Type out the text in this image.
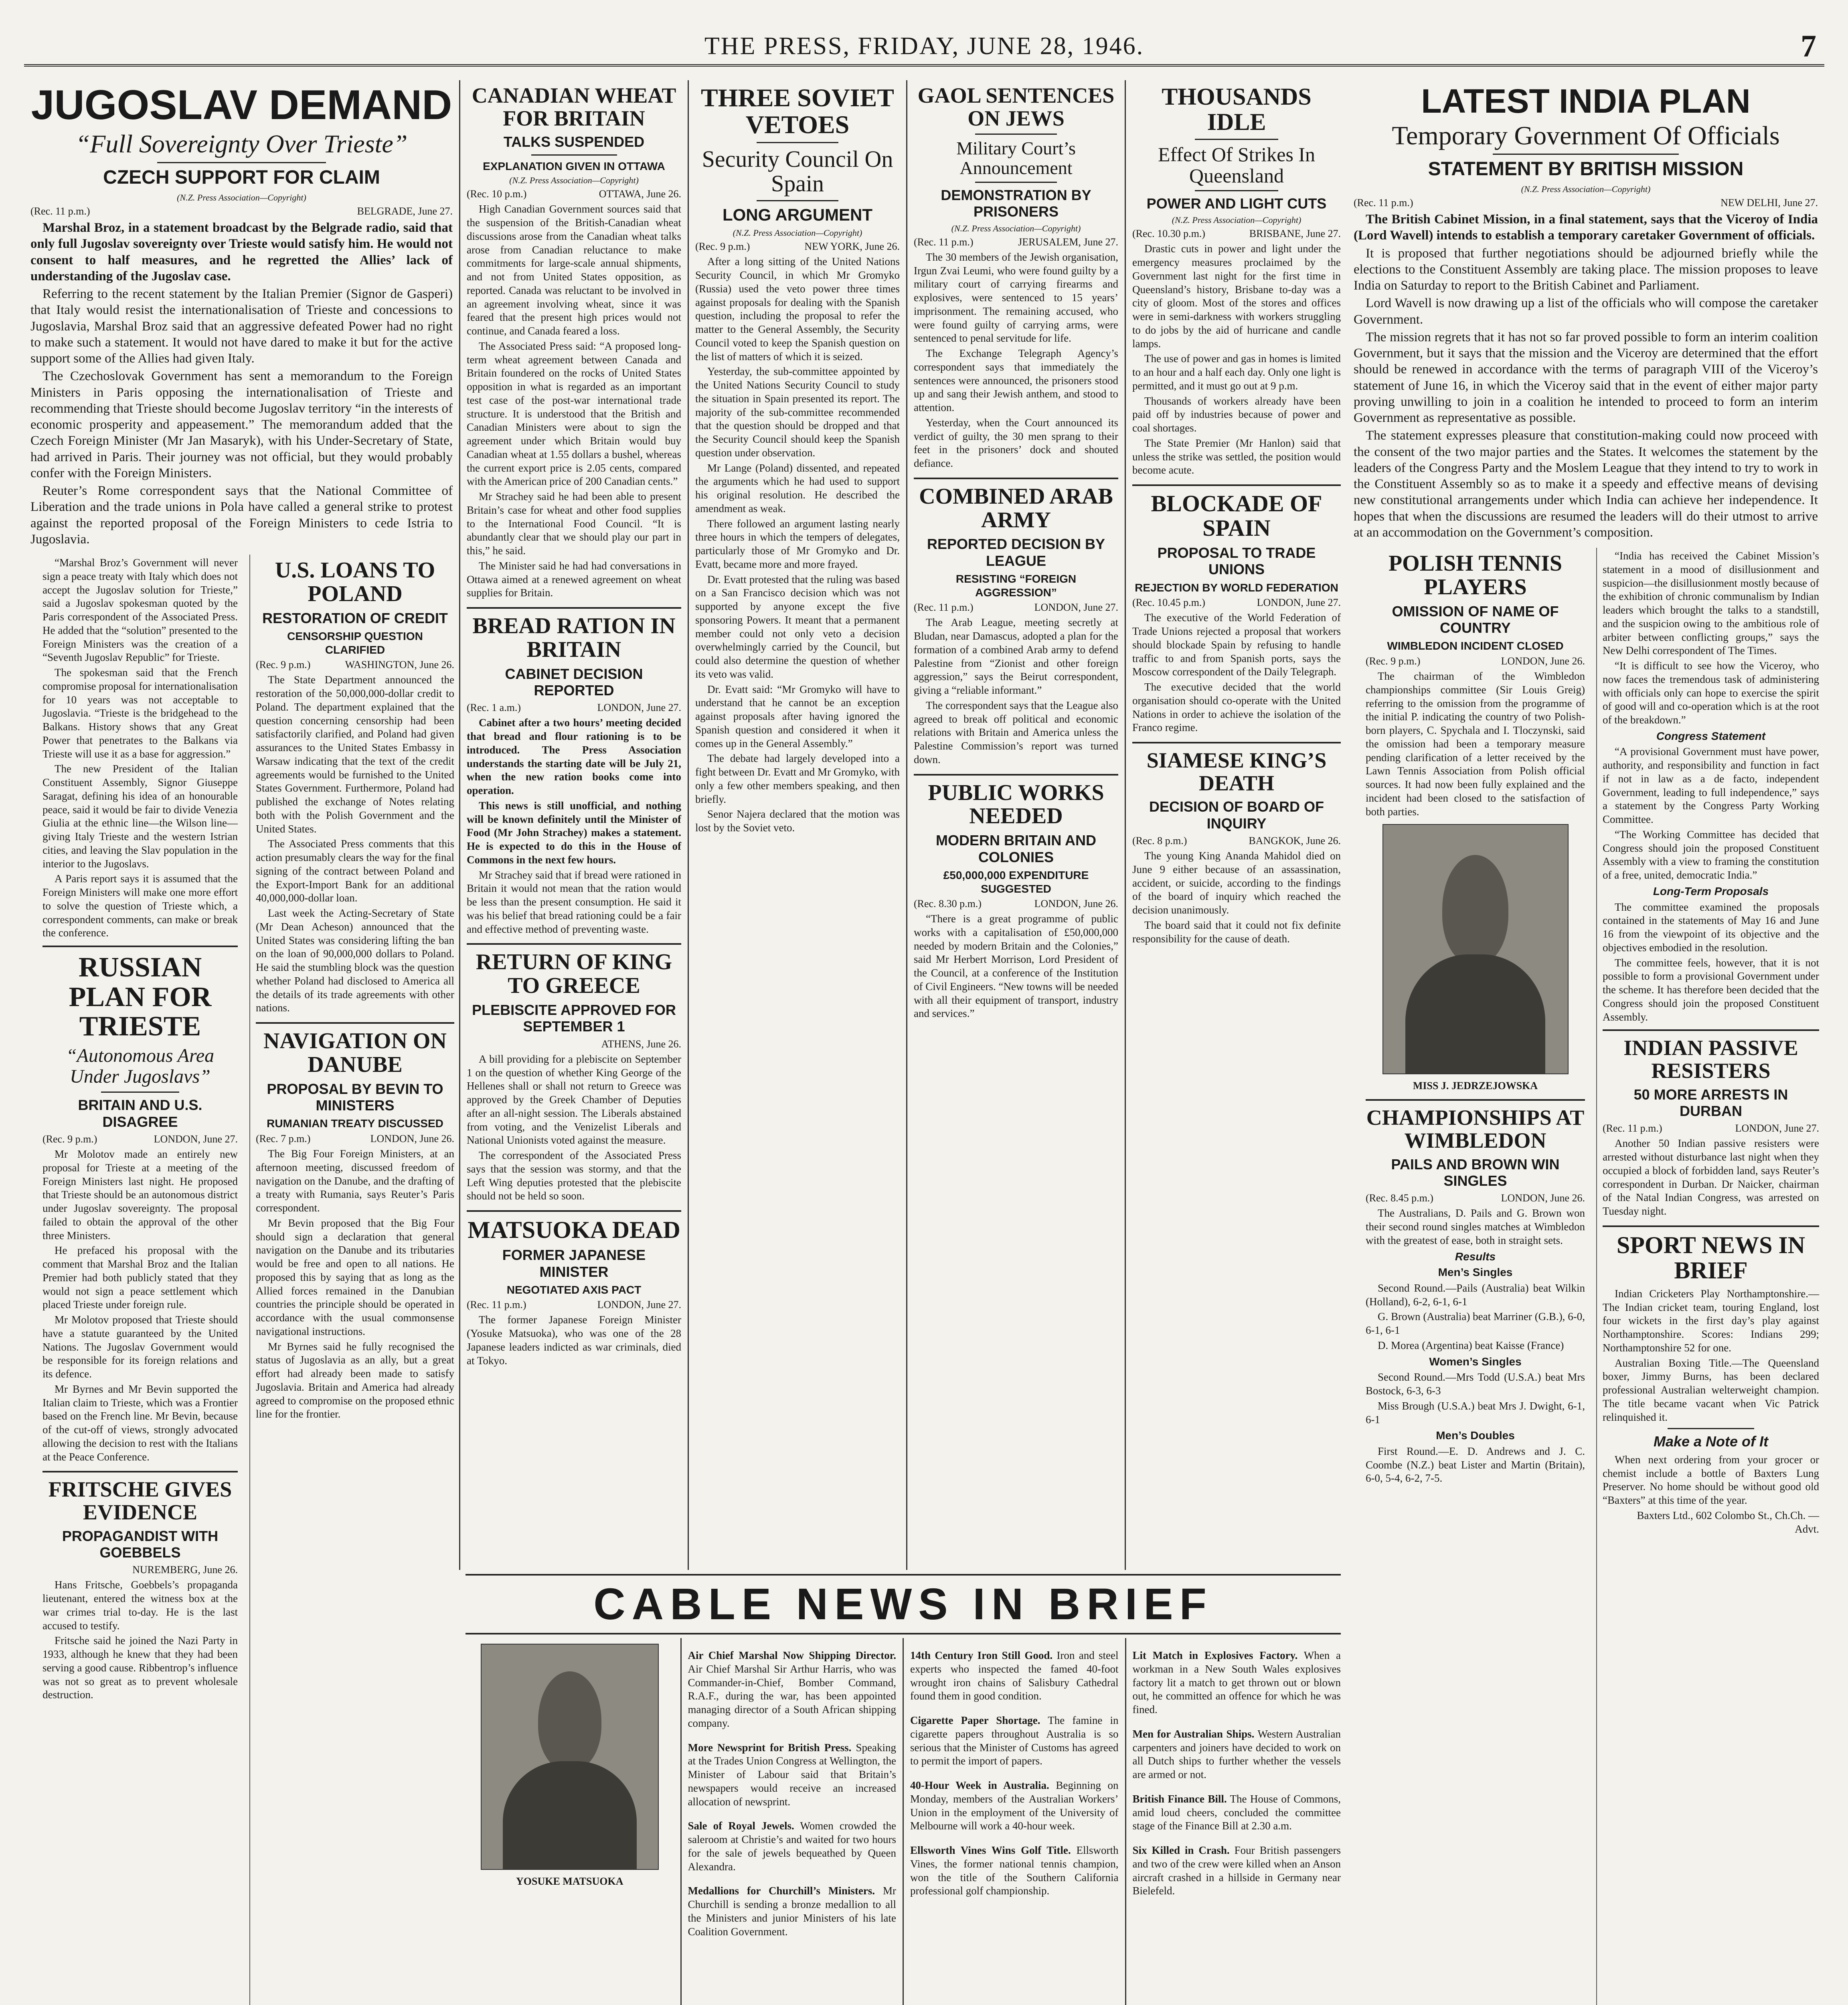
THE PRESS, FRIDAY, JUNE 28, 1946.	7
JUGOSLAV DEMAND
“Full Sovereignty Over Trieste”
CZECH SUPPORT FOR CLAIM
(N.Z. Press Association—Copyright)
(Rec. 11 p.m.)	BELGRADE, June 27.

Marshal Broz, in a statement broadcast by the Belgrade radio, said that only full Jugoslav sovereignty over Trieste would satisfy him. He would not consent to half measures, and he regretted the Allies’ lack of understanding of the Jugoslav case.

Referring to the recent statement by the Italian Premier (Signor de Gasperi) that Italy would resist the internationalisation of Trieste and concessions to Jugoslavia, Marshal Broz said that an aggressive defeated Power had no right to make such a statement. It would not have dared to make it but for the active support some of the Allies had given Italy.

The Czechoslovak Government has sent a memorandum to the Foreign Ministers in Paris opposing the internationalisation of Trieste and recommending that Trieste should become Jugoslav territory “in the interests of economic prosperity and appeasement.” The memorandum added that the Czech Foreign Minister (Mr Jan Masaryk), with his Under-Secretary of State, had arrived in Paris. Their journey was not official, but they would probably confer with the Foreign Ministers.

Reuter’s Rome correspondent says that the National Committee of Liberation and the trade unions in Pola have called a general strike to protest against the reported proposal of the Foreign Ministers to cede Istria to Jugoslavia.

“Marshal Broz’s Government will never sign a peace treaty with Italy which does not accept the Jugoslav solution for Trieste,” said a Jugoslav spokesman quoted by the Paris correspondent of the Associated Press. He added that the “solution” presented to the Foreign Ministers was the creation of a “Seventh Jugoslav Republic” for Trieste.

The spokesman said that the French compromise proposal for internationalisation for 10 years was not acceptable to Jugoslavia. “Trieste is the bridgehead to the Balkans. History shows that any Great Power that penetrates to the Balkans via Trieste will use it as a base for aggression.”

The new President of the Italian Constituent Assembly, Signor Giuseppe Saragat, defining his idea of an honourable peace, said it would be fair to divide Venezia Giulia at the ethnic line—the Wilson line—giving Italy Trieste and the western Istrian cities, and leaving the Slav population in the interior to the Jugoslavs.

A Paris report says it is assumed that the Foreign Ministers will make one more effort to solve the question of Trieste which, a correspondent comments, can make or break the conference.

RUSSIAN PLAN FOR TRIESTE
“Autonomous Area Under Jugoslavs”
BRITAIN AND U.S. DISAGREE
(Rec. 9 p.m.)	LONDON, June 27.

Mr Molotov made an entirely new proposal for Trieste at a meeting of the Foreign Ministers last night. He proposed that Trieste should be an autonomous district under Jugoslav sovereignty. The proposal failed to obtain the approval of the other three Ministers.

He prefaced his proposal with the comment that Marshal Broz and the Italian Premier had both publicly stated that they would not sign a peace settlement which placed Trieste under foreign rule.

Mr Molotov proposed that Trieste should have a statute guaranteed by the United Nations. The Jugoslav Government would be responsible for its foreign relations and its defence.

Mr Byrnes and Mr Bevin supported the Italian claim to Trieste, which was a Frontier based on the French line. Mr Bevin, because of the cut-off of views, strongly advocated allowing the decision to rest with the Italians at the Peace Conference.

FRITSCHE GIVES EVIDENCE
PROPAGANDIST WITH GOEBBELS
NUREMBERG, June 26.

Hans Fritsche, Goebbels’s propaganda lieutenant, entered the witness box at the war crimes trial to-day. He is the last accused to testify.

Fritsche said he joined the Nazi Party in 1933, although he knew that they had been serving a good cause. Ribbentrop’s influence was not so great as to prevent wholesale destruction.

U.S. LOANS TO POLAND
RESTORATION OF CREDIT
CENSORSHIP QUESTION CLARIFIED
(Rec. 9 p.m.)	WASHINGTON, June 26.

The State Department announced the restoration of the 50,000,000-dollar credit to Poland. The department explained that the question concerning censorship had been satisfactorily clarified, and Poland had given assurances to the United States Embassy in Warsaw indicating that the text of the credit agreements would be furnished to the United States Government. Furthermore, Poland had published the exchange of Notes relating both with the Polish Government and the United States.

The Associated Press comments that this action presumably clears the way for the final signing of the contract between Poland and the Export-Import Bank for an additional 40,000,000-dollar loan.

Last week the Acting-Secretary of State (Mr Dean Acheson) announced that the United States was considering lifting the ban on the loan of 90,000,000 dollars to Poland. He said the stumbling block was the question whether Poland had disclosed to America all the details of its trade agreements with other nations.

NAVIGATION ON DANUBE
PROPOSAL BY BEVIN TO MINISTERS
RUMANIAN TREATY DISCUSSED
(Rec. 7 p.m.)	LONDON, June 26.

The Big Four Foreign Ministers, at an afternoon meeting, discussed freedom of navigation on the Danube, and the drafting of a treaty with Rumania, says Reuter’s Paris correspondent.

Mr Bevin proposed that the Big Four should sign a declaration that general navigation on the Danube and its tributaries would be free and open to all nations. He proposed this by saying that as long as the Allied forces remained in the Danubian countries the principle should be operated in accordance with the usual commonsense navigational instructions.

Mr Byrnes said he fully recognised the status of Jugoslavia as an ally, but a great effort had already been made to satisfy Jugoslavia. Britain and America had already agreed to compromise on the proposed ethnic line for the frontier.

CANADIAN WHEAT FOR BRITAIN
TALKS SUSPENDED
EXPLANATION GIVEN IN OTTAWA
(N.Z. Press Association—Copyright)
(Rec. 10 p.m.)	OTTAWA, June 26.

High Canadian Government sources said that the suspension of the British-Canadian wheat discussions arose from the Canadian wheat talks arose from Canadian reluctance to make commitments for large-scale annual shipments, and not from United States opposition, as reported. Canada was reluctant to be involved in an agreement involving wheat, since it was feared that the present high prices would not continue, and Canada feared a loss.

The Associated Press said: “A proposed long-term wheat agreement between Canada and Britain foundered on the rocks of United States opposition in what is regarded as an important test case of the post-war international trade structure. It is understood that the British and Canadian Ministers were about to sign the agreement under which Britain would buy Canadian wheat at 1.55 dollars a bushel, whereas the current export price is 2.05 cents, compared with the American price of 200 Canadian cents.”

Mr Strachey said he had been able to present Britain’s case for wheat and other food supplies to the International Food Council. “It is abundantly clear that we should play our part in this,” he said.

The Minister said he had had conversations in Ottawa aimed at a renewed agreement on wheat supplies for Britain.

BREAD RATION IN BRITAIN
CABINET DECISION REPORTED
(Rec. 1 a.m.)	LONDON, June 27.

Cabinet after a two hours’ meeting decided that bread and flour rationing is to be introduced. The Press Association understands the starting date will be July 21, when the new ration books come into operation.

This news is still unofficial, and nothing will be known definitely until the Minister of Food (Mr John Strachey) makes a statement. He is expected to do this in the House of Commons in the next few hours.

Mr Strachey said that if bread were rationed in Britain it would not mean that the ration would be less than the present consumption. He said it was his belief that bread rationing could be a fair and effective method of preventing waste.

RETURN OF KING TO GREECE
PLEBISCITE APPROVED FOR SEPTEMBER 1
ATHENS, June 26.

A bill providing for a plebiscite on September 1 on the question of whether King George of the Hellenes shall or shall not return to Greece was approved by the Greek Chamber of Deputies after an all-night session. The Liberals abstained from voting, and the Venizelist Liberals and National Unionists voted against the measure.

The correspondent of the Associated Press says that the session was stormy, and that the Left Wing deputies protested that the plebiscite should not be held so soon.

MATSUOKA DEAD
FORMER JAPANESE MINISTER
NEGOTIATED AXIS PACT
(Rec. 11 p.m.)	LONDON, June 27.

The former Japanese Foreign Minister (Yosuke Matsuoka), who was one of the 28 Japanese leaders indicted as war criminals, died at Tokyo.

THREE SOVIET VETOES
Security Council On Spain
LONG ARGUMENT
(N.Z. Press Association—Copyright)
(Rec. 9 p.m.)	NEW YORK, June 26.

After a long sitting of the United Nations Security Council, in which Mr Gromyko (Russia) used the veto power three times against proposals for dealing with the Spanish question, including the proposal to refer the matter to the General Assembly, the Security Council voted to keep the Spanish question on the list of matters of which it is seized.

Yesterday, the sub-committee appointed by the United Nations Security Council to study the situation in Spain presented its report. The majority of the sub-committee recommended that the question should be dropped and that the Security Council should keep the Spanish question under observation.

Mr Lange (Poland) dissented, and repeated the arguments which he had used to support his original resolution. He described the amendment as weak.

There followed an argument lasting nearly three hours in which the tempers of delegates, particularly those of Mr Gromyko and Dr. Evatt, became more and more frayed.

Dr. Evatt protested that the ruling was based on a San Francisco decision which was not supported by anyone except the five sponsoring Powers. It meant that a permanent member could not only veto a decision overwhelmingly carried by the Council, but could also determine the question of whether its veto was valid.

Dr. Evatt said: “Mr Gromyko will have to understand that he cannot be an exception against proposals after having ignored the Spanish question and considered it when it comes up in the General Assembly.”

The debate had largely developed into a fight between Dr. Evatt and Mr Gromyko, with only a few other members speaking, and then briefly.

Senor Najera declared that the motion was lost by the Soviet veto.

GAOL SENTENCES ON JEWS
Military Court’s Announcement
DEMONSTRATION BY PRISONERS
(N.Z. Press Association—Copyright)
(Rec. 11 p.m.)	JERUSALEM, June 27.

The 30 members of the Jewish organisation, Irgun Zvai Leumi, who were found guilty by a military court of carrying firearms and explosives, were sentenced to 15 years’ imprisonment. The remaining accused, who were found guilty of carrying arms, were sentenced to penal servitude for life.

The Exchange Telegraph Agency’s correspondent says that immediately the sentences were announced, the prisoners stood up and sang their Jewish anthem, and stood to attention.

Yesterday, when the Court announced its verdict of guilty, the 30 men sprang to their feet in the prisoners’ dock and shouted defiance.

COMBINED ARAB ARMY
REPORTED DECISION BY LEAGUE
RESISTING “FOREIGN AGGRESSION”
(Rec. 11 p.m.)	LONDON, June 27.

The Arab League, meeting secretly at Bludan, near Damascus, adopted a plan for the formation of a combined Arab army to defend Palestine from “Zionist and other foreign aggression,” says the Beirut correspondent, giving a “reliable informant.”

The correspondent says that the League also agreed to break off political and economic relations with Britain and America unless the Palestine Commission’s report was turned down.

PUBLIC WORKS NEEDED
MODERN BRITAIN AND COLONIES
£50,000,000 EXPENDITURE SUGGESTED
(Rec. 8.30 p.m.)	LONDON, June 26.

“There is a great programme of public works with a capitalisation of £50,000,000 needed by modern Britain and the Colonies,” said Mr Herbert Morrison, Lord President of the Council, at a conference of the Institution of Civil Engineers. “New towns will be needed with all their equipment of transport, industry and services.”

THOUSANDS IDLE
Effect Of Strikes In Queensland
POWER AND LIGHT CUTS
(N.Z. Press Association—Copyright)
(Rec. 10.30 p.m.)	BRISBANE, June 27.

Drastic cuts in power and light under the emergency measures proclaimed by the Government last night for the first time in Queensland’s history, Brisbane to-day was a city of gloom. Most of the stores and offices were in semi-darkness with workers struggling to do jobs by the aid of hurricane and candle lamps.

The use of power and gas in homes is limited to an hour and a half each day. Only one light is permitted, and it must go out at 9 p.m.

Thousands of workers already have been paid off by industries because of power and coal shortages.

The State Premier (Mr Hanlon) said that unless the strike was settled, the position would become acute.

BLOCKADE OF SPAIN
PROPOSAL TO TRADE UNIONS
REJECTION BY WORLD FEDERATION
(Rec. 10.45 p.m.)	LONDON, June 27.

The executive of the World Federation of Trade Unions rejected a proposal that workers should blockade Spain by refusing to handle traffic to and from Spanish ports, says the Moscow correspondent of the Daily Telegraph.

The executive decided that the world organisation should co-operate with the United Nations in order to achieve the isolation of the Franco regime.

SIAMESE KING’S DEATH
DECISION OF BOARD OF INQUIRY
(Rec. 8 p.m.)	BANGKOK, June 26.

The young King Ananda Mahidol died on June 9 either because of an assassination, accident, or suicide, according to the findings of the board of inquiry which reached the decision unanimously.

The board said that it could not fix definite responsibility for the cause of death.

CABLE NEWS IN BRIEF
YOSUKE MATSUOKA

Air Chief Marshal Now Shipping Director. Air Chief Marshal Sir Arthur Harris, who was Commander-in-Chief, Bomber Command, R.A.F., during the war, has been appointed managing director of a South African shipping company.

More Newsprint for British Press. Speaking at the Trades Union Congress at Wellington, the Minister of Labour said that Britain’s newspapers would receive an increased allocation of newsprint.

Sale of Royal Jewels. Women crowded the saleroom at Christie’s and waited for two hours for the sale of jewels bequeathed by Queen Alexandra.

Medallions for Churchill’s Ministers. Mr Churchill is sending a bronze medallion to all the Ministers and junior Ministers of his late Coalition Government.

14th Century Iron Still Good. Iron and steel experts who inspected the famed 40-foot wrought iron chains of Salisbury Cathedral found them in good condition.

Cigarette Paper Shortage. The famine in cigarette papers throughout Australia is so serious that the Minister of Customs has agreed to permit the import of papers.

40-Hour Week in Australia. Beginning on Monday, members of the Australian Workers’ Union in the employment of the University of Melbourne will work a 40-hour week.

Ellsworth Vines Wins Golf Title. Ellsworth Vines, the former national tennis champion, won the title of the Southern California professional golf championship.

Lit Match in Explosives Factory. When a workman in a New South Wales explosives factory lit a match to get thrown out or blown out, he committed an offence for which he was fined.

Men for Australian Ships. Western Australian carpenters and joiners have decided to work on all Dutch ships to further whether the vessels are armed or not.

British Finance Bill. The House of Commons, amid loud cheers, concluded the committee stage of the Finance Bill at 2.30 a.m.

Six Killed in Crash. Four British passengers and two of the crew were killed when an Anson aircraft crashed in a hillside in Germany near Bielefeld.

LATEST INDIA PLAN
Temporary Government Of Officials
STATEMENT BY BRITISH MISSION
(N.Z. Press Association—Copyright)
(Rec. 11 p.m.)	NEW DELHI, June 27.

The British Cabinet Mission, in a final statement, says that the Viceroy of India (Lord Wavell) intends to establish a temporary caretaker Government of officials.

It is proposed that further negotiations should be adjourned briefly while the elections to the Constituent Assembly are taking place. The mission proposes to leave India on Saturday to report to the British Cabinet and Parliament.

Lord Wavell is now drawing up a list of the officials who will compose the caretaker Government.

The mission regrets that it has not so far proved possible to form an interim coalition Government, but it says that the mission and the Viceroy are determined that the effort should be renewed in accordance with the terms of paragraph VIII of the Viceroy’s statement of June 16, in which the Viceroy said that in the event of either major party proving unwilling to join in a coalition he intended to proceed to form an interim Government as representative as possible.

The statement expresses pleasure that constitution-making could now proceed with the consent of the two major parties and the States. It welcomes the statement by the leaders of the Congress Party and the Moslem League that they intend to try to work in the Constituent Assembly so as to make it a speedy and effective means of devising new constitutional arrangements under which India can achieve her independence. It hopes that when the discussions are resumed the leaders will do their utmost to arrive at an accommodation on the Government’s composition.

POLISH TENNIS PLAYERS
OMISSION OF NAME OF COUNTRY
WIMBLEDON INCIDENT CLOSED
(Rec. 9 p.m.)	LONDON, June 26.

The chairman of the Wimbledon championships committee (Sir Louis Greig) referring to the omission from the programme of the initial P. indicating the country of two Polish-born players, C. Spychala and I. Tloczynski, said the omission had been a temporary measure pending clarification of a letter received by the Lawn Tennis Association from Polish official sources. It had now been fully explained and the incident had been closed to the satisfaction of both parties.

MISS J. JEDRZEJOWSKA
CHAMPIONSHIPS AT WIMBLEDON
PAILS AND BROWN WIN SINGLES
(Rec. 8.45 p.m.)	LONDON, June 26.

The Australians, D. Pails and G. Brown won their second round singles matches at Wimbledon with the greatest of ease, both in straight sets.

Results
Men’s Singles

Second Round.—Pails (Australia) beat Wilkin (Holland), 6-2, 6-1, 6-1

G. Brown (Australia) beat Marriner (G.B.), 6-0, 6-1, 6-1

D. Morea (Argentina) beat Kaisse (France)

Women’s Singles

Second Round.—Mrs Todd (U.S.A.) beat Mrs Bostock, 6-3, 6-3

Miss Brough (U.S.A.) beat Mrs J. Dwight, 6-1, 6-1

Men’s Doubles

First Round.—E. D. Andrews and J. C. Coombe (N.Z.) beat Lister and Martin (Britain), 6-0, 5-4, 6-2, 7-5.

“India has received the Cabinet Mission’s statement in a mood of disillusionment and suspicion—the disillusionment mostly because of the exhibition of chronic communalism by Indian leaders which brought the talks to a standstill, and the suspicion owing to the ambitious role of arbiter between conflicting groups,” says the New Delhi correspondent of The Times.

“It is difficult to see how the Viceroy, who now faces the tremendous task of administering with officials only can hope to exercise the spirit of good will and co-operation which is at the root of the breakdown.”

Congress Statement

“A provisional Government must have power, authority, and responsibility and function in fact if not in law as a de facto, independent Government, leading to full independence,” says a statement by the Congress Party Working Committee.

“The Working Committee has decided that Congress should join the proposed Constituent Assembly with a view to framing the constitution of a free, united, democratic India.”

Long-Term Proposals

The committee examined the proposals contained in the statements of May 16 and June 16 from the viewpoint of its objective and the objectives embodied in the resolution.

The committee feels, however, that it is not possible to form a provisional Government under the scheme. It has therefore been decided that the Congress should join the proposed Constituent Assembly.

INDIAN PASSIVE RESISTERS
50 MORE ARRESTS IN DURBAN
(Rec. 11 p.m.)	LONDON, June 27.

Another 50 Indian passive resisters were arrested without disturbance last night when they occupied a block of forbidden land, says Reuter’s correspondent in Durban. Dr Naicker, chairman of the Natal Indian Congress, was arrested on Tuesday night.

SPORT NEWS IN BRIEF

Indian Cricketers Play Northamptonshire.—The Indian cricket team, touring England, lost four wickets in the first day’s play against Northamptonshire. Scores: Indians 299; Northamptonshire 52 for one.

Australian Boxing Title.—The Queensland boxer, Jimmy Burns, has been declared professional Australian welterweight champion. The title became vacant when Vic Patrick relinquished it.

Make a Note of It

When next ordering from your grocer or chemist include a bottle of Baxters Lung Preserver. No home should be without good old “Baxters” at this time of the year.

Baxters Ltd., 602 Colombo St., Ch.Ch. —Advt.
